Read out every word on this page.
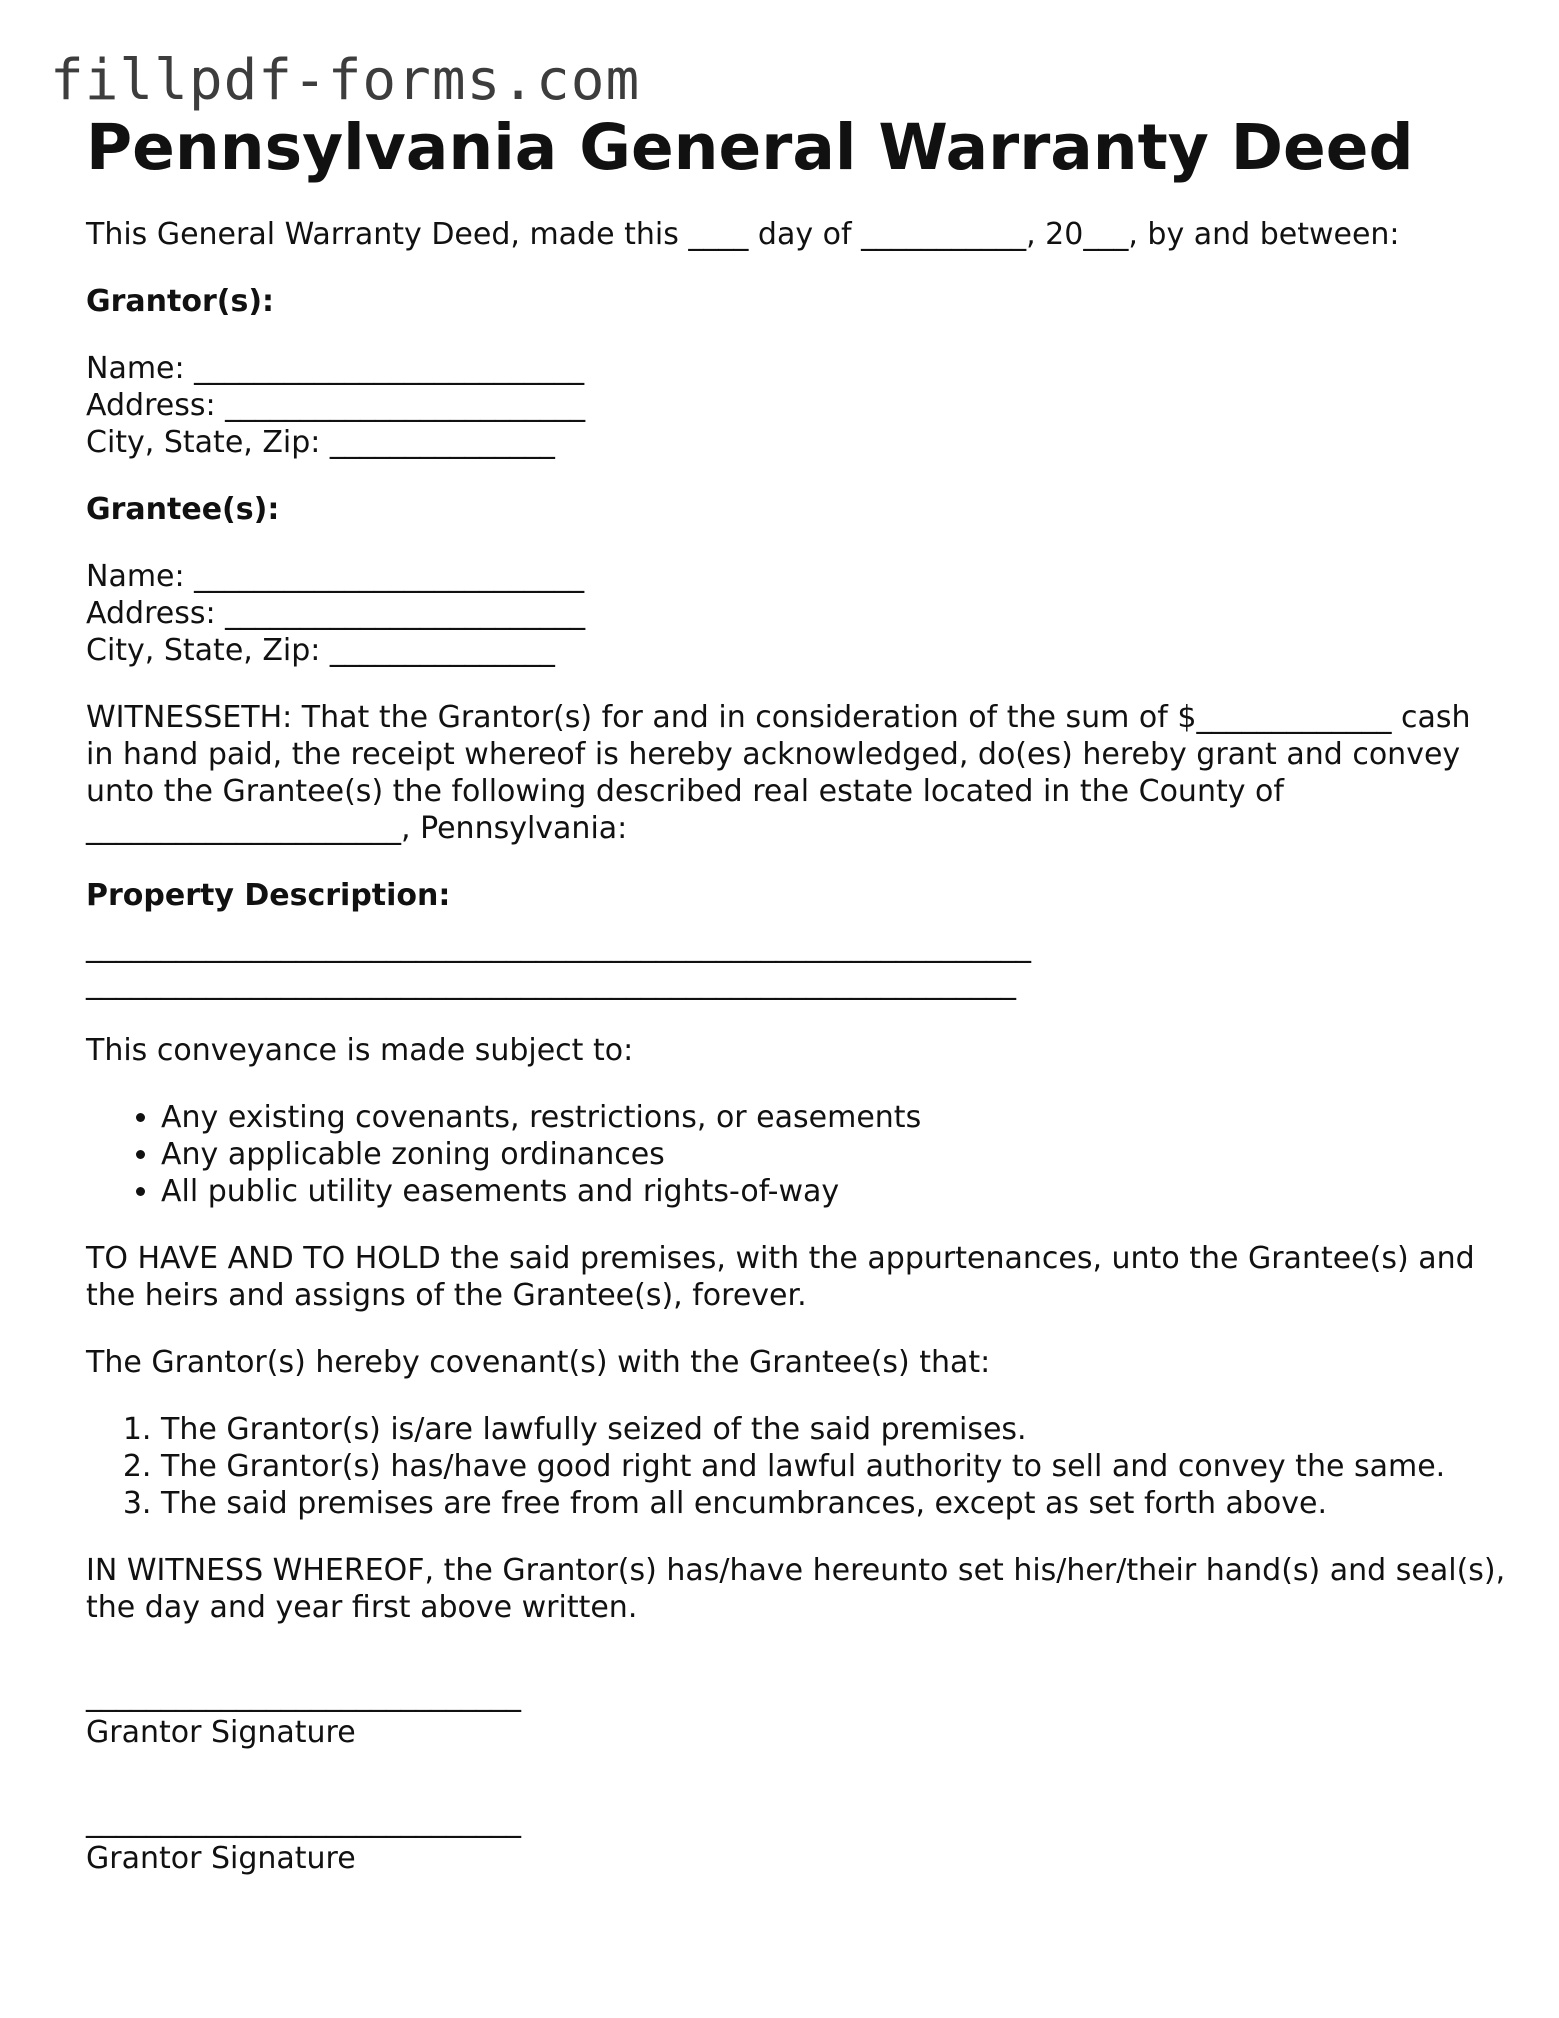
fillpdf-forms.com
Pennsylvania General Warranty Deed

This General Warranty Deed, made this ____ day of ___________, 20___, by and between:

Grantor(s):
Name: __________________________
Address: ________________________
City, State, Zip: _______________
Grantee(s):
Name: __________________________
Address: ________________________
City, State, Zip: _______________

WITNESSETH: That the Grantor(s) for and in consideration of the sum of $_____________ cash in hand paid, the receipt whereof is hereby acknowledged, do(es) hereby grant and convey unto the Grantee(s) the following described real estate located in the County of _____________________, Pennsylvania:

Property Description:
_______________________________________________________________
______________________________________________________________

This conveyance is made subject to:

• Any existing covenants, restrictions, or easements
• Any applicable zoning ordinances
• All public utility easements and rights-of-way

TO HAVE AND TO HOLD the said premises, with the appurtenances, unto the Grantee(s) and the heirs and assigns of the Grantee(s), forever.

The Grantor(s) hereby covenant(s) with the Grantee(s) that:

1. The Grantor(s) is/are lawfully seized of the said premises.
2. The Grantor(s) has/have good right and lawful authority to sell and convey the same.
3. The said premises are free from all encumbrances, except as set forth above.

IN WITNESS WHEREOF, the Grantor(s) has/have hereunto set his/her/their hand(s) and seal(s), the day and year first above written.

_____________________________
Grantor Signature
_____________________________
Grantor Signature
